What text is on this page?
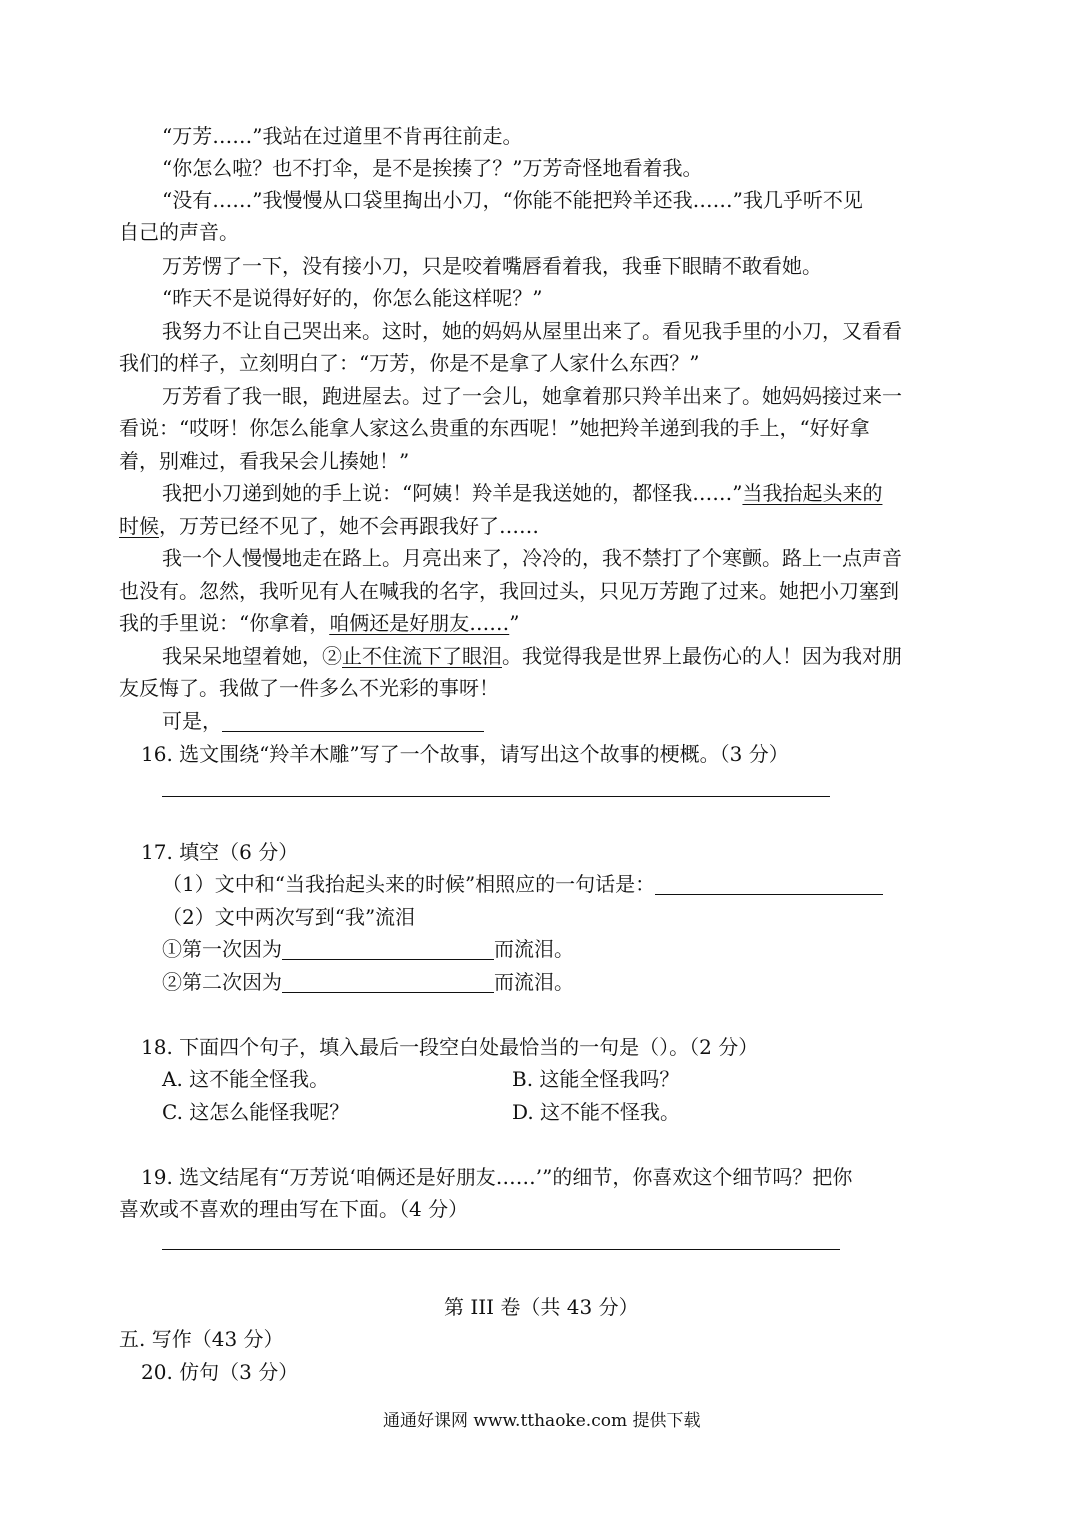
“万芳……”我站在过道里不肯再往前走。

“你怎么啦？也不打伞，是不是挨揍了？”万芳奇怪地看着我。

“没有……”我慢慢从口袋里掏出小刀，“你能不能把羚羊还我……”我几乎听不见

自己的声音。

万芳愣了一下，没有接小刀，只是咬着嘴唇看着我，我垂下眼睛不敢看她。

“昨天不是说得好好的，你怎么能这样呢？”

我努力不让自己哭出来。这时，她的妈妈从屋里出来了。看见我手里的小刀，又看看

我们的样子，立刻明白了：“万芳，你是不是拿了人家什么东西？”

万芳看了我一眼，跑进屋去。过了一会儿，她拿着那只羚羊出来了。她妈妈接过来一

看说：“哎呀！你怎么能拿人家这么贵重的东西呢！”她把羚羊递到我的手上，“好好拿

着，别难过，看我呆会儿揍她！”

我把小刀递到她的手上说：“阿姨！羚羊是我送她的，都怪我……”当我抬起头来的

时候，万芳已经不见了，她不会再跟我好了……

我一个人慢慢地走在路上。月亮出来了，冷冷的，我不禁打了个寒颤。路上一点声音

也没有。忽然，我听见有人在喊我的名字，我回过头，只见万芳跑了过来。她把小刀塞到

我的手里说：“你拿着，咱俩还是好朋友……”

我呆呆地望着她，②止不住流下了眼泪。我觉得我是世界上最伤心的人！因为我对朋

友反悔了。我做了一件多么不光彩的事呀！

可是，

16. 选文围绕“羚羊木雕”写了一个故事，请写出这个故事的梗概。（3 分）

17. 填空（6 分）

（1）文中和“当我抬起头来的时候”相照应的一句话是：

（2）文中两次写到“我”流泪

①第一次因为	而流泪。

②第二次因为	而流泪。

18. 下面四个句子，填入最后一段空白处最恰当的一句是（）。（2 分）

A. 这不能全怪我。	B. 这能全怪我吗？

C. 这怎么能怪我呢？	D. 这不能不怪我。

19. 选文结尾有“万芳说‘咱俩还是好朋友……’”的细节，你喜欢这个细节吗？把你

喜欢或不喜欢的理由写在下面。（4 分）

第 III 卷（共 43 分）

五. 写作（43 分）

20. 仿句（3 分）

通通好课网 www.tthaoke.com 提供下载
